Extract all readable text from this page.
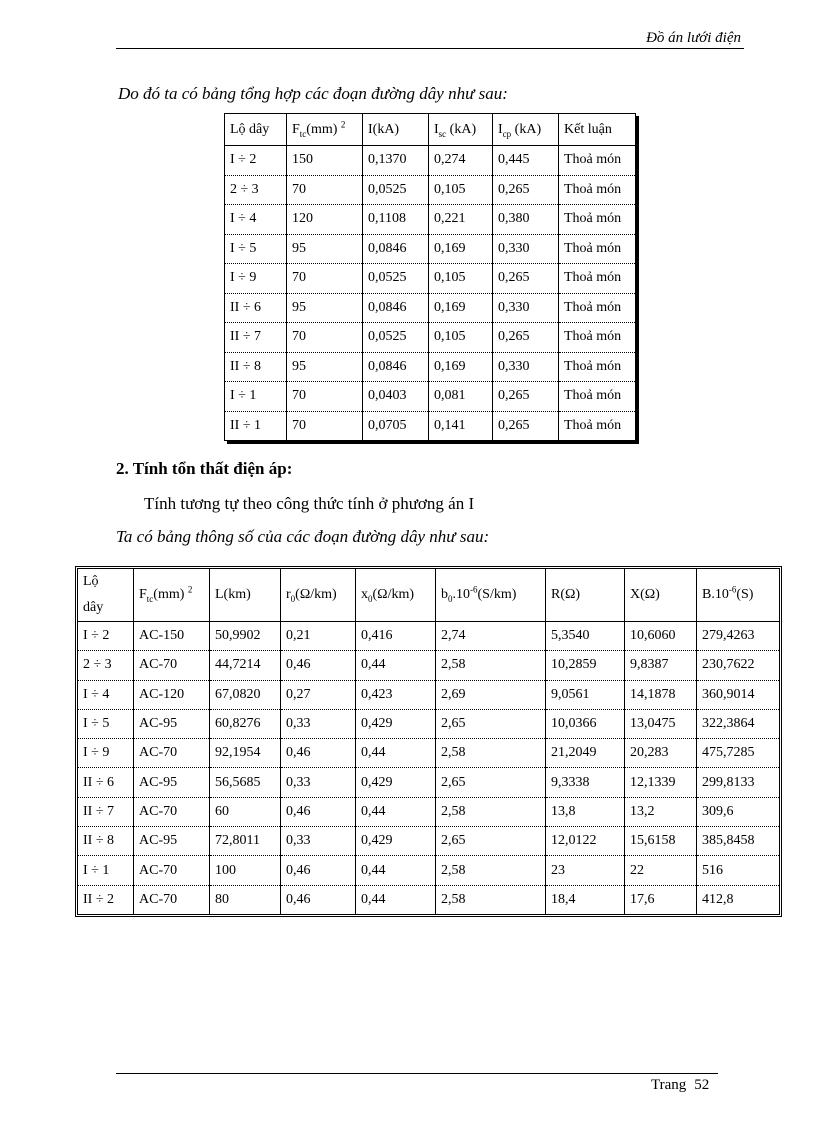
Đồ án lưới điện
Do đó ta có bảng tổng hợp các đoạn đường dây như sau:
Lộ dây	$F_{tc}(mm)$ $^2$	I(kA)	$I_{sc}$ (kA)	$I_{cp}$ (kA)	Kết luận
I ÷ 2	150	0,1370	0,274	0,445	Thoả món
2 ÷ 3	70	0,0525	0,105	0,265	Thoả món
I ÷ 4	120	0,1108	0,221	0,380	Thoả món
I ÷ 5	95	0,0846	0,169	0,330	Thoả món
I ÷ 9	70	0,0525	0,105	0,265	Thoả món
II ÷ 6	95	0,0846	0,169	0,330	Thoả món
II ÷ 7	70	0,0525	0,105	0,265	Thoả món
II ÷ 8	95	0,0846	0,169	0,330	Thoả món
I ÷ 1	70	0,0403	0,081	0,265	Thoả món
II ÷ 1	70	0,0705	0,141	0,265	Thoả món
2. Tính tổn thất điện áp:
Tính tương tự theo công thức tính ở phương án I
Ta có bảng thông số của các đoạn đường dây như sau:
Lộ
dây	$F_{tc}(mm)$ $^2$	L(km)	$r_0(\Omega/km)$	$x_0(\Omega/km)$	$b_0.10^{-6}(S/km)$	R(Ω)	X(Ω)	$B.10^{-6}(S)$
I ÷ 2	AC-150	50,9902	0,21	0,416	2,74	5,3540	10,6060	279,4263
2 ÷ 3	AC-70	44,7214	0,46	0,44	2,58	10,2859	9,8387	230,7622
I ÷ 4	AC-120	67,0820	0,27	0,423	2,69	9,0561	14,1878	360,9014
I ÷ 5	AC-95	60,8276	0,33	0,429	2,65	10,0366	13,0475	322,3864
I ÷ 9	AC-70	92,1954	0,46	0,44	2,58	21,2049	20,283	475,7285
II ÷ 6	AC-95	56,5685	0,33	0,429	2,65	9,3338	12,1339	299,8133
II ÷ 7	AC-70	60	0,46	0,44	2,58	13,8	13,2	309,6
II ÷ 8	AC-95	72,8011	0,33	0,429	2,65	12,0122	15,6158	385,8458
I ÷ 1	AC-70	100	0,46	0,44	2,58	23	22	516
II ÷ 2	AC-70	80	0,46	0,44	2,58	18,4	17,6	412,8
Trang 52
